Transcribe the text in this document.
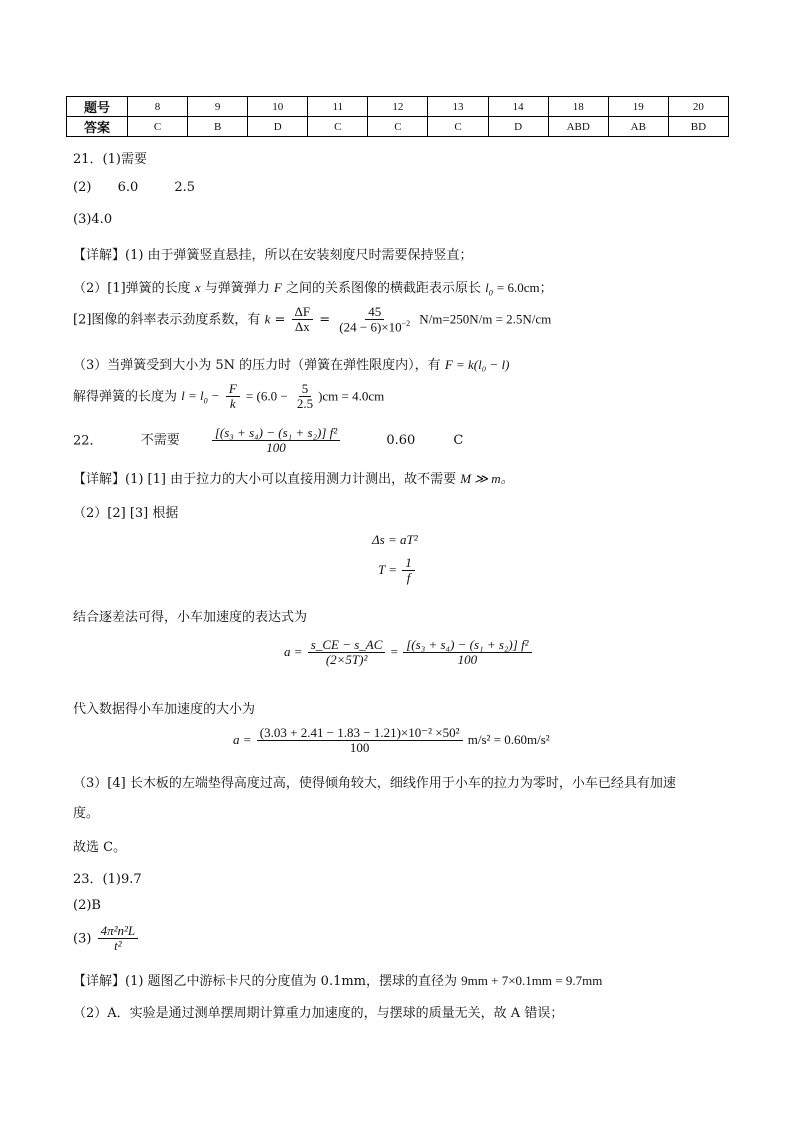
题号	8	9	10	11	12	13	14	18	19	20
答案	C	B	D	C	C	C	D	ABD	AB	BD
21．(1)需要
(2) 6.0	2.5
(3)4.0
【详解】(1) 由于弹簧竖直悬挂，所以在安装刻度尺时需要保持竖直；
（2）[1]弹簧的长度 x 与弹簧弹力 F 之间的关系图像的横截距表示原长 $l_0 = 6.0cm$；
[2]图像的斜率表示劲度系数，有 $k = \frac{\Delta F}{\Delta x} = \frac{45}{(24 - 6)\times 10^{-2}} N/m=250N/m = 2.5N/cm$
（3）当弹簧受到大小为 5N 的压力时（弹簧在弹性限度内），有 F = k(l₀ − l)
解得弹簧的长度为 $l = l_0 - \frac{F}{k} = (6.0 - \frac{5}{2.5} )cm = 4.0cm$
22．	不需要 $\frac{\text{[(s₃ + s₄) − (s₁ + s₂)] f²}}{100}$	0.60	C
【详解】(1) [1] 由于拉力的大小可以直接用测力计测出，故不需要 M ≫ m。
（2）[2] [3] 根据
Δs = aT²
$T = \frac{1}{f}$
结合逐差法可得，小车加速度的表达式为
$a = \frac{s\_CE - s\_AC}{\text{(2×5T)²}} = \frac{\text{[(s₃ + s₄) − (s₁ + s₂)] f²}}{100}$
代入数据得小车加速度的大小为
$a = \frac{\text{(3.03 + 2.41 − 1.83 − 1.21)×10⁻² ×50²}}{100} m/s^2 = 0.60m/s^2$
（3）[4] 长木板的左端垫得高度过高，使得倾角较大，细线作用于小车的拉力为零时，小车已经具有加速
度。
故选 C。
23．(1)9.7
(2)B
$(3) \frac{\text{4π²n²L}}{\text{t²}}$
【详解】(1) 题图乙中游标卡尺的分度值为 0.1mm，摆球的直径为 9mm + 7×0.1mm = 9.7mm
（2）A．实验是通过测单摆周期计算重力加速度的，与摆球的质量无关，故 A 错误；
